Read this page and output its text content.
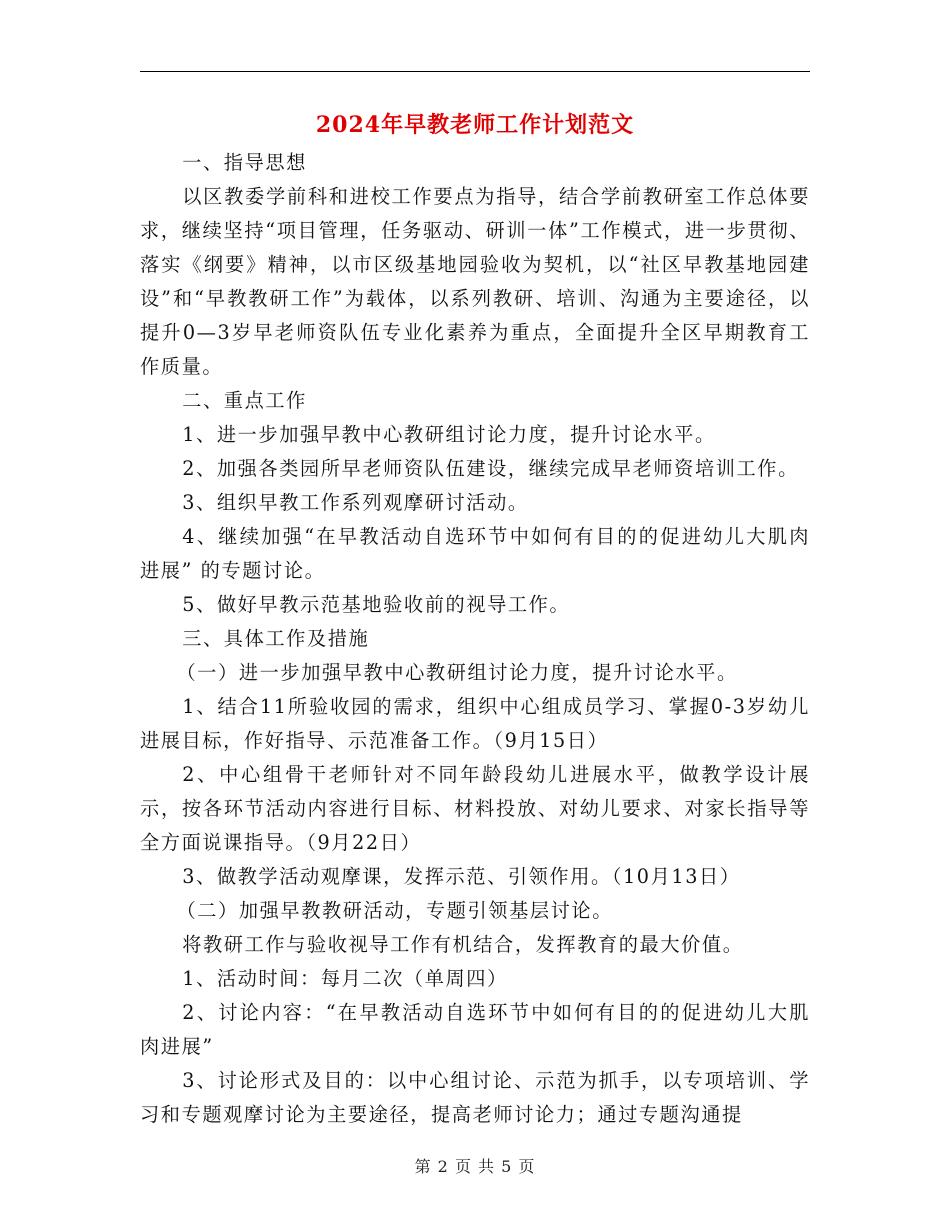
2024年早教老师工作计划范文

一、指导思想

以区教委学前科和进校工作要点为指导，结合学前教研室工作总体要求，继续坚持“项目管理，任务驱动、研训一体”工作模式，进一步贯彻、落实《纲要》精神，以市区级基地园验收为契机，以“社区早教基地园建设”和“早教教研工作”为载体，以系列教研、培训、沟通为主要途径，以提升0—3岁早老师资队伍专业化素养为重点，全面提升全区早期教育工作质量。

二、重点工作

1、进一步加强早教中心教研组讨论力度，提升讨论水平。

2、加强各类园所早老师资队伍建设，继续完成早老师资培训工作。

3、组织早教工作系列观摩研讨活动。

4、继续加强“在早教活动自选环节中如何有目的的促进幼儿大肌肉进展” 的专题讨论。

5、做好早教示范基地验收前的视导工作。

三、具体工作及措施

（一）进一步加强早教中心教研组讨论力度，提升讨论水平。

1、结合11所验收园的需求，组织中心组成员学习、掌握0-3岁幼儿进展目标，作好指导、示范准备工作。（9月15日）

2、中心组骨干老师针对不同年龄段幼儿进展水平，做教学设计展示，按各环节活动内容进行目标、材料投放、对幼儿要求、对家长指导等全方面说课指导。（9月22日）

3、做教学活动观摩课，发挥示范、引领作用。（10月13日）

（二）加强早教教研活动，专题引领基层讨论。

将教研工作与验收视导工作有机结合，发挥教育的最大价值。

1、活动时间：每月二次（单周四）

2、讨论内容：“在早教活动自选环节中如何有目的的促进幼儿大肌肉进展”

3、讨论形式及目的：以中心组讨论、示范为抓手，以专项培训、学习和专题观摩讨论为主要途径，提高老师讨论力；通过专题沟通提

第 2 页 共 5 页
